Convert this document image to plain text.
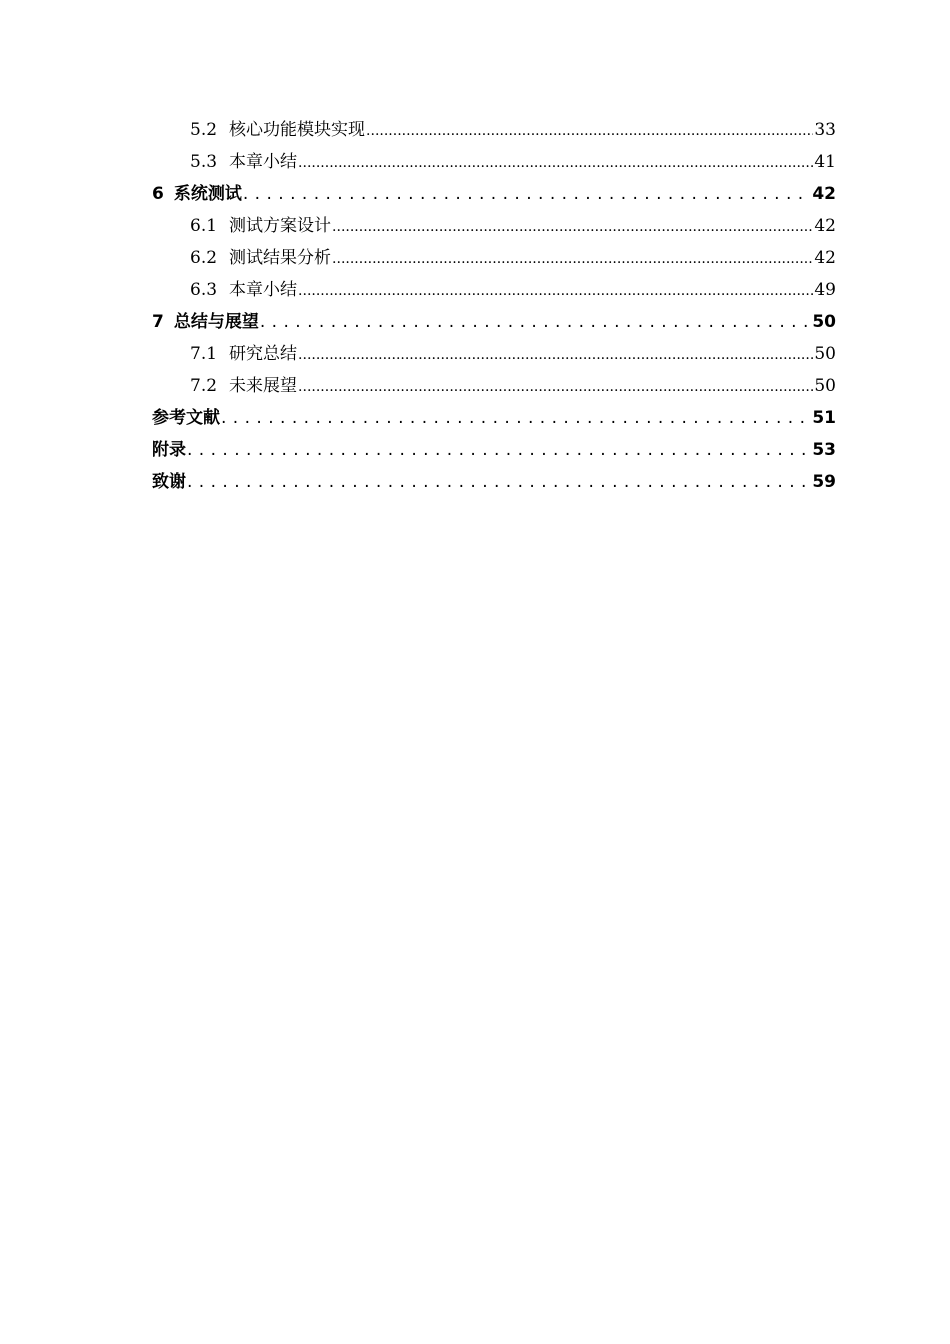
5.2 核心功能模块实现 .....	33
5.3 本章小结 .....	41
6 系统测试 . . .	42
6.1 测试方案设计 .....	42
6.2 测试结果分析 .....	42
6.3 本章小结 .....	49
7 总结与展望 . . .	50
7.1 研究总结 .....	50
7.2 未来展望 .....	50
参考文献 . . .	51
附录 . . .	53
致谢 . . .	59
